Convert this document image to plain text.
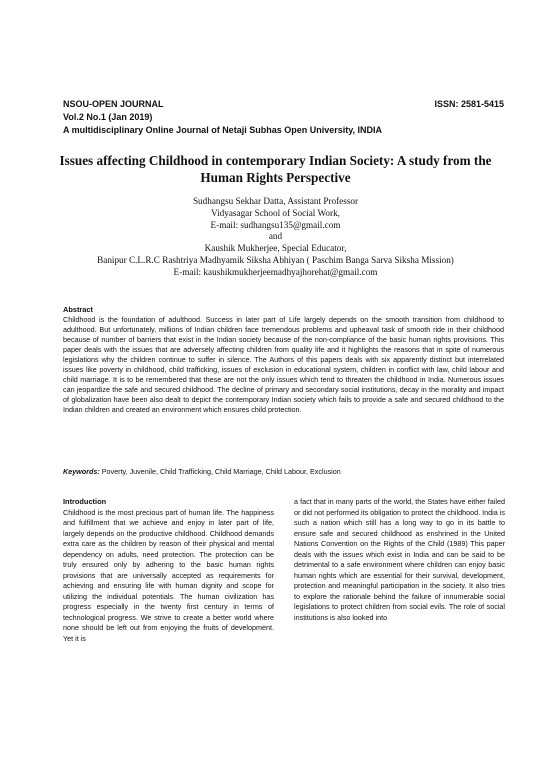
NSOU-OPEN JOURNAL	ISSN: 2581-5415
Vol.2 No.1 (Jan 2019)
A multidisciplinary Online Journal of Netaji Subhas Open University, INDIA
Issues affecting Childhood in contemporary Indian Society: A study from the
Human Rights Perspective
Sudhangsu Sekhar Datta, Assistant Professor
Vidyasagar School of Social Work,
E-mail: sudhangsu135@gmail.com
and
Kaushik Mukherjee, Special Educator,
Banipur C.L.R.C Rashtriya Madhyamik Siksha Abhiyan ( Paschim Banga Sarva Siksha Mission)
E-mail: kaushikmukherjeemadhyajhorehat@gmail.com
Abstract

Childhood is the foundation of adulthood. Success in later part of Life largely depends on the smooth transition from childhood to adulthood. But unfortunately, millions of Indian children face tremendous problems and upheaval task of smooth ride in their childhood because of number of barriers that exist in the Indian society because of the non-compliance of the basic human rights provisions. This paper deals with the issues that are adversely affecting children from quality life and it highlights the reasons that in spite of numerous legislations why the children continue to suffer in silence. The Authors of this papers deals with six apparently distinct but interrelated issues like poverty in childhood, child trafficking, issues of exclusion in educational system, children in conflict with law, child labour and child marriage. It is to be remembered that these are not the only issues which tend to threaten the childhood in India. Numerous issues can jeopardize the safe and secured childhood. The decline of primary and secondary social institutions, decay in the morality and impact of globalization have been also dealt to depict the contemporary Indian society which fails to provide a safe and secured childhood to the Indian children and created an environment which ensures child protection.

Keywords: Poverty, Juvenile, Child Trafficking, Child Marriage, Child Labour, Exclusion
Introduction

Childhood is the most precious part of human life. The happiness and fulfillment that we achieve and enjoy in later part of life, largely depends on the productive childhood. Childhood demands extra care as the children by reason of their physical and mental dependency on adults, need protection. The protection can be truly ensured only by adhering to the basic human rights provisions that are universally accepted as requirements for achieving and ensuring life with human dignity and scope for utilizing the individual potentials. The human civilization has progress especially in the twenty first century in terms of technological progress. We strive to create a better world where none should be left out from enjoying the fruits of development. Yet it is

a fact that in many parts of the world, the States have either failed or did not performed its obligation to protect the childhood. India is such a nation which still has a long way to go in its battle to ensure safe and secured childhood as enshrined in the United Nations Convention on the Rights of the Child (1989) This paper deals with the issues which exist in India and can be said to be detrimental to a safe environment where children can enjoy basic human rights which are essential for their survival, development, protection and meaningful participation in the society. It also tries to explore the rationale behind the failure of innumerable social legislations to protect children from social evils. The role of social institutions is also looked into
